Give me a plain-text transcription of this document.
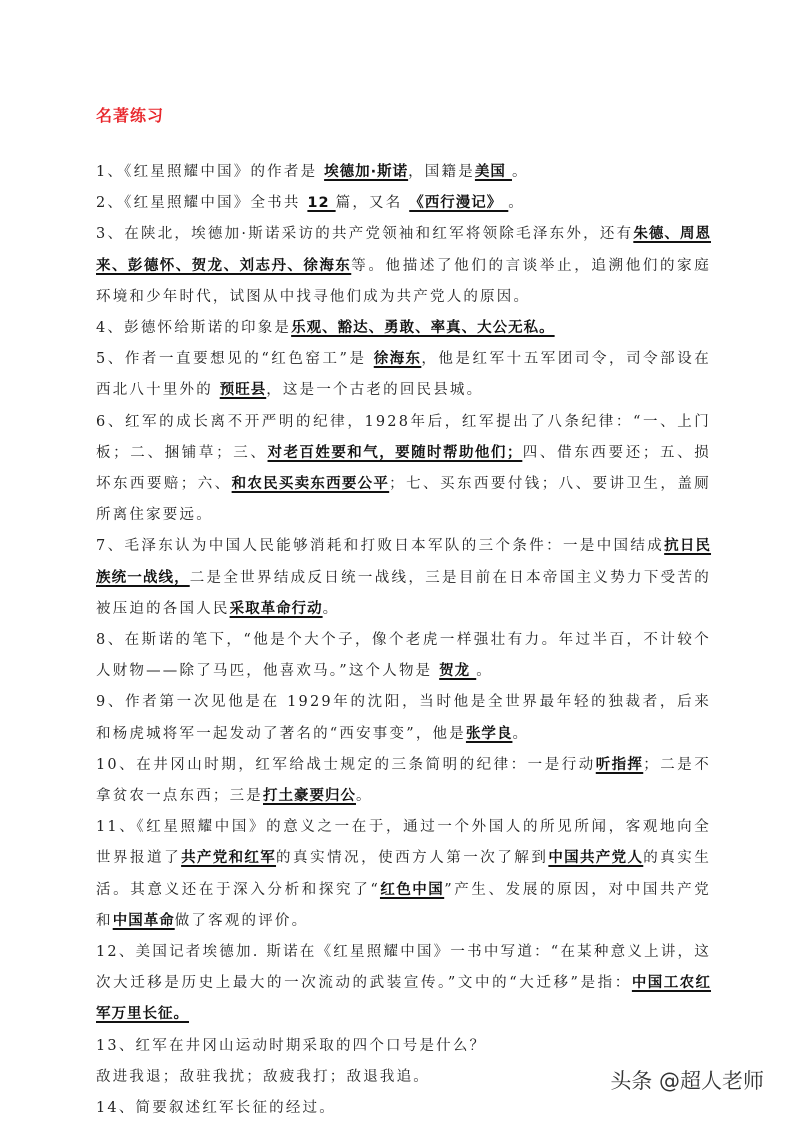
名著练习

1、《红星照耀中国》的作者是 埃德加·斯诺，国籍是美国 。

2、《红星照耀中国》全书共 12 篇，又名 《西行漫记》 。

3、在陕北，埃德加·斯诺采访的共产党领袖和红军将领除毛泽东外，还有朱德、周恩来、彭德怀、贺龙、刘志丹、徐海东等。他描述了他们的言谈举止，追溯他们的家庭环境和少年时代，试图从中找寻他们成为共产党人的原因。

4、彭德怀给斯诺的印象是乐观、豁达、勇敢、率真、大公无私。

5、作者一直要想见的“红色窑工”是 徐海东，他是红军十五军团司令，司令部设在西北八十里外的 预旺县，这是一个古老的回民县城。

6、红军的成长离不开严明的纪律，1928年后，红军提出了八条纪律：“一、上门板；二、捆铺草；三、对老百姓要和气，要随时帮助他们；四、借东西要还；五、损坏东西要赔；六、和农民买卖东西要公平；七、买东西要付钱；八、要讲卫生，盖厕所离住家要远。

7、毛泽东认为中国人民能够消耗和打败日本军队的三个条件：一是中国结成抗日民族统一战线，二是全世界结成反日统一战线，三是目前在日本帝国主义势力下受苦的被压迫的各国人民采取革命行动。

8、在斯诺的笔下，“他是个大个子，像个老虎一样强壮有力。年过半百，不计较个人财物——除了马匹，他喜欢马。”这个人物是 贺龙 。

9、作者第一次见他是在 1929年的沈阳，当时他是全世界最年轻的独裁者，后来和杨虎城将军一起发动了著名的“西安事变”，他是张学良。

10、在井冈山时期，红军给战士规定的三条简明的纪律：一是行动听指挥；二是不拿贫农一点东西；三是打土豪要归公。

11、《红星照耀中国》的意义之一在于，通过一个外国人的所见所闻，客观地向全世界报道了共产党和红军的真实情况，使西方人第一次了解到中国共产党人的真实生活。其意义还在于深入分析和探究了“红色中国”产生、发展的原因，对中国共产党和中国革命做了客观的评价。

12、美国记者埃德加. 斯诺在《红星照耀中国》一书中写道：“在某种意义上讲，这次大迁移是历史上最大的一次流动的武装宣传。”文中的“大迁移”是指：中国工农红军万里长征。

13、红军在井冈山运动时期采取的四个口号是什么？

敌进我退；敌驻我扰；敌疲我打；敌退我追。

14、简要叙述红军长征的经过。

头条 @超人老师
